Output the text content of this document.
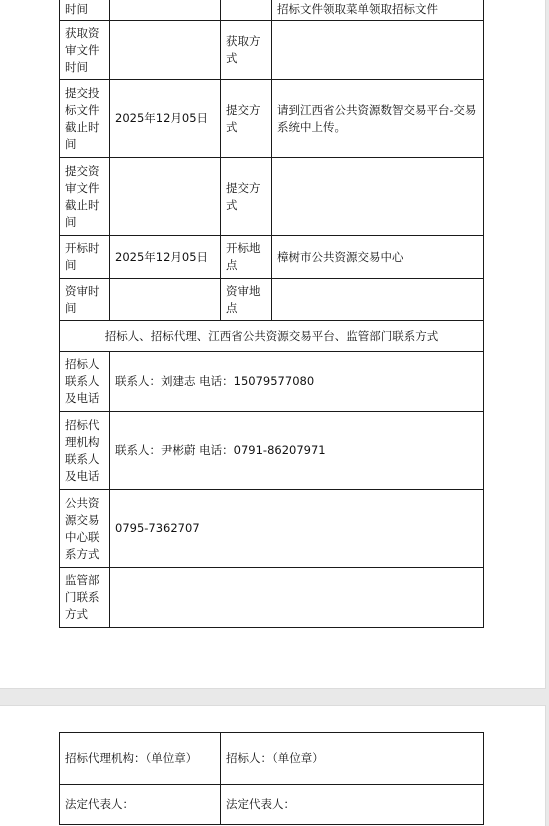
时间			招标文件领取菜单领取招标文件
获取资审文件时间		获取方式	
提交投标文件截止时间	2025年12月05日	提交方式	请到江西省公共资源数智交易平台-交易系统中上传。
提交资审文件截止时间		提交方式	
开标时间	2025年12月05日	开标地点	樟树市公共资源交易中心
资审时间		资审地点	
招标人、招标代理、江西省公共资源交易平台、监管部门联系方式			
招标人联系人及电话	联系人：刘建志 电话：15079577080		
招标代理机构联系人及电话	联系人：尹彬蔚 电话：0791-86207971		
公共资源交易中心联系方式	0795-7362707		
监管部门联系方式			
招标代理机构：（单位章）	招标人：（单位章）
法定代表人：	法定代表人：
